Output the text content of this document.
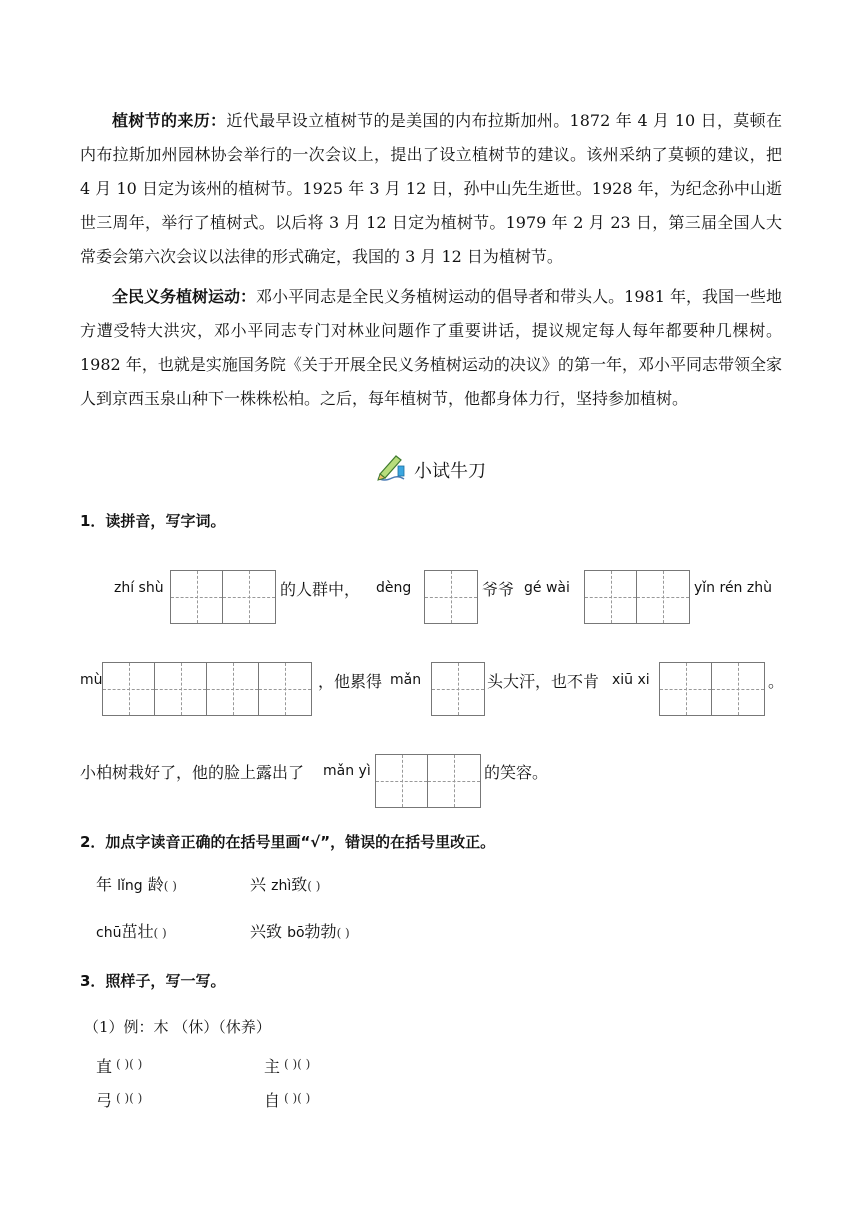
植树节的来历：近代最早设立植树节的是美国的内布拉斯加州。1872 年 4 月 10 日，莫顿在内布拉斯加州园林协会举行的一次会议上，提出了设立植树节的建议。该州采纳了莫顿的建议，把 4 月 10 日定为该州的植树节。1925 年 3 月 12 日，孙中山先生逝世。1928 年，为纪念孙中山逝世三周年，举行了植树式。以后将 3 月 12 日定为植树节。1979 年 2 月 23 日，第三届全国人大常委会第六次会议以法律的形式确定，我国的 3 月 12 日为植树节。

全民义务植树运动：邓小平同志是全民义务植树运动的倡导者和带头人。1981 年，我国一些地方遭受特大洪灾，邓小平同志专门对林业问题作了重要讲话，提议规定每人每年都要种几棵树。1982 年，也就是实施国务院《关于开展全民义务植树运动的决议》的第一年，邓小平同志带领全家人到京西玉泉山种下一株株松柏。之后，每年植树节，他都身体力行，坚持参加植树。

小试牛刀
1．读拼音，写字词。
zhí shù	的人群中， dèng	爷爷 gé wài	yǐn rén zhù
mù	，他累得 mǎn	头大汗，也不肯 xiū xi	。
小柏树栽好了，他的脸上露出了 mǎn yì	的笑容。
2．加点字读音正确的在括号里画“√”，错误的在括号里改正。
年 lǐng 龄( )	兴 zhì致( )
chū茁壮( )	兴致 bō勃勃( )
3．照样子，写一写。
（1）例：木 （休）（休养）
直 ( )( )	主 ( )( )
弓 ( )( )	自 ( )( )
